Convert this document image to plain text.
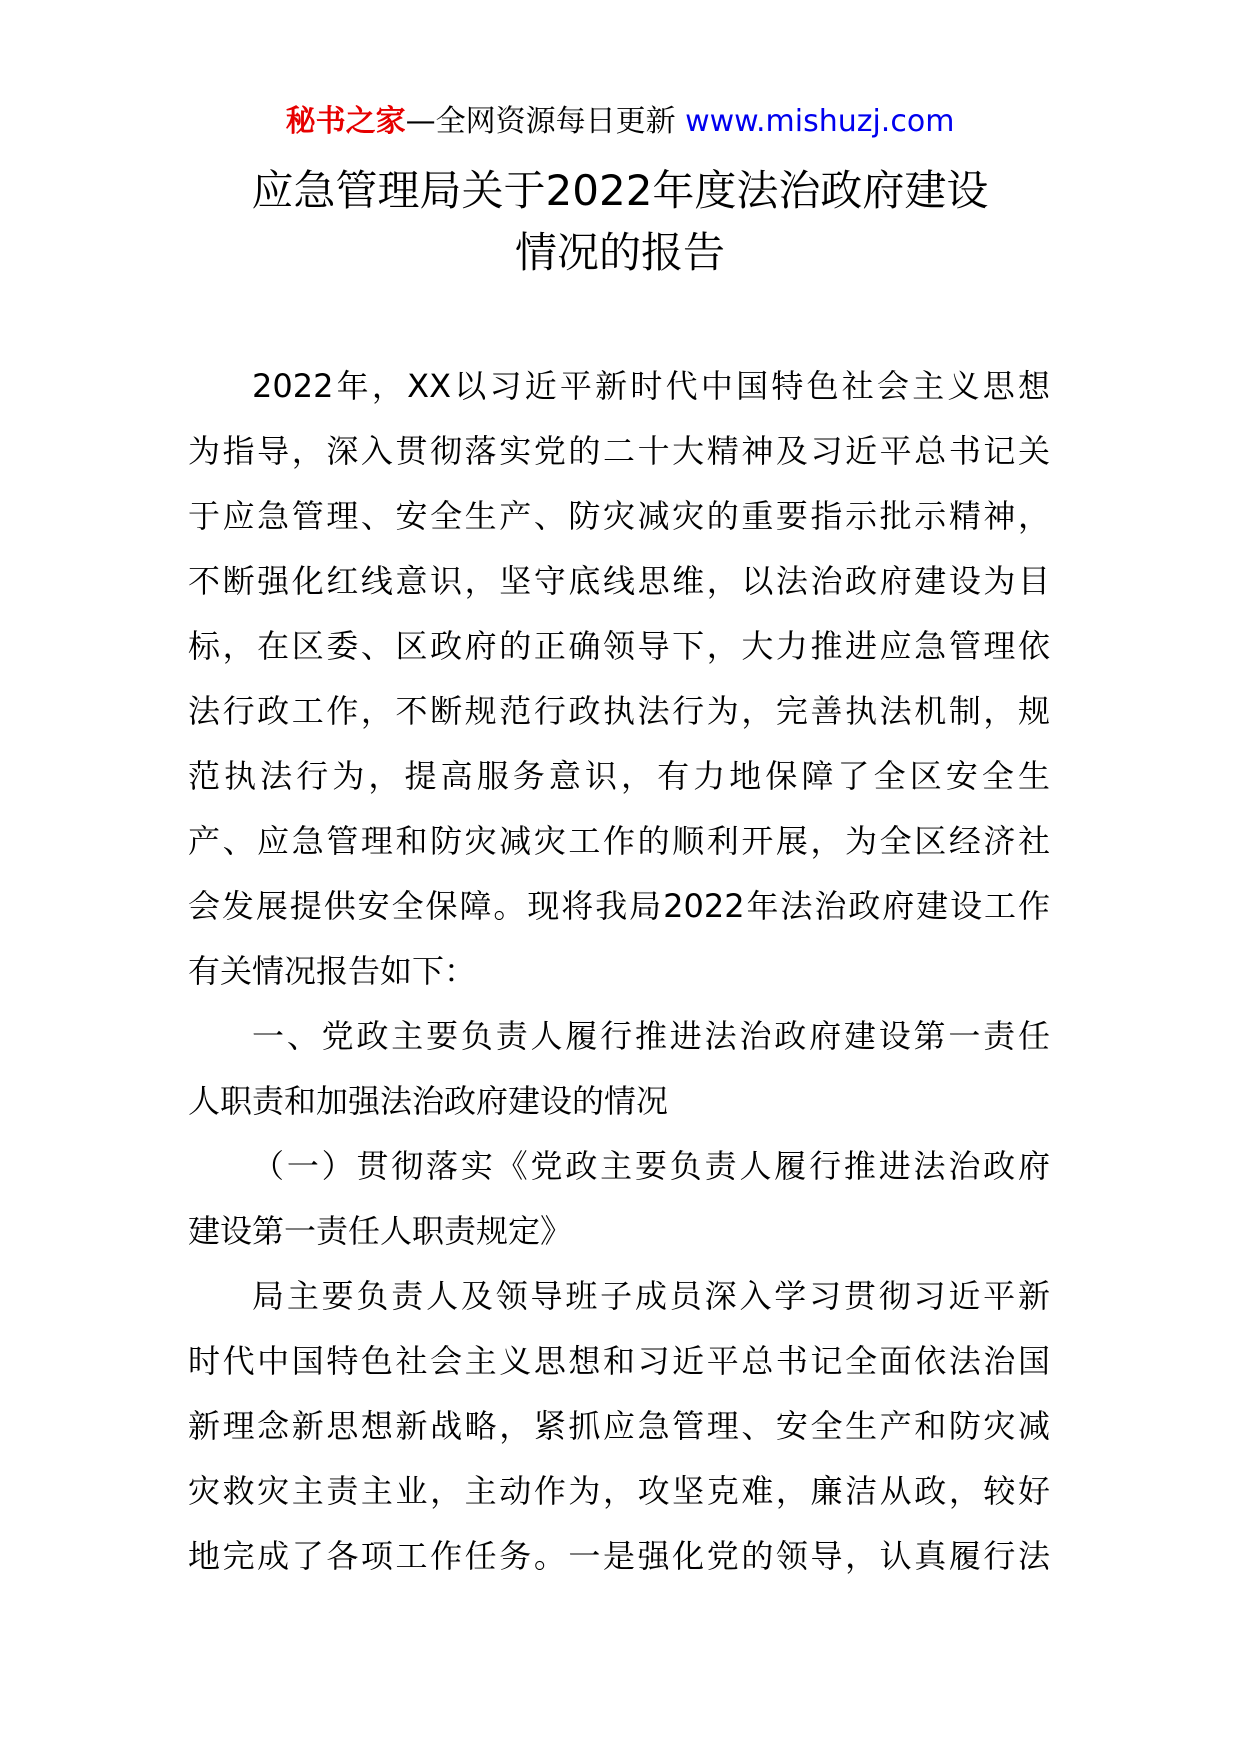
秘书之家—全网资源每日更新 www.mishuzj.com
应急管理局关于2022年度法治政府建设
情况的报告
2022年，XX以习近平新时代中国特色社会主义思想
为指导，深入贯彻落实党的二十大精神及习近平总书记关
于应急管理、安全生产、防灾减灾的重要指示批示精神，
不断强化红线意识，坚守底线思维，以法治政府建设为目
标，在区委、区政府的正确领导下，大力推进应急管理依
法行政工作，不断规范行政执法行为，完善执法机制，规
范执法行为，提高服务意识，有力地保障了全区安全生
产、应急管理和防灾减灾工作的顺利开展，为全区经济社
会发展提供安全保障。现将我局2022年法治政府建设工作
有关情况报告如下：
一、党政主要负责人履行推进法治政府建设第一责任
人职责和加强法治政府建设的情况
（一）贯彻落实《党政主要负责人履行推进法治政府
建设第一责任人职责规定》
局主要负责人及领导班子成员深入学习贯彻习近平新
时代中国特色社会主义思想和习近平总书记全面依法治国
新理念新思想新战略，紧抓应急管理、安全生产和防灾减
灾救灾主责主业，主动作为，攻坚克难，廉洁从政，较好
地完成了各项工作任务。一是强化党的领导，认真履行法
